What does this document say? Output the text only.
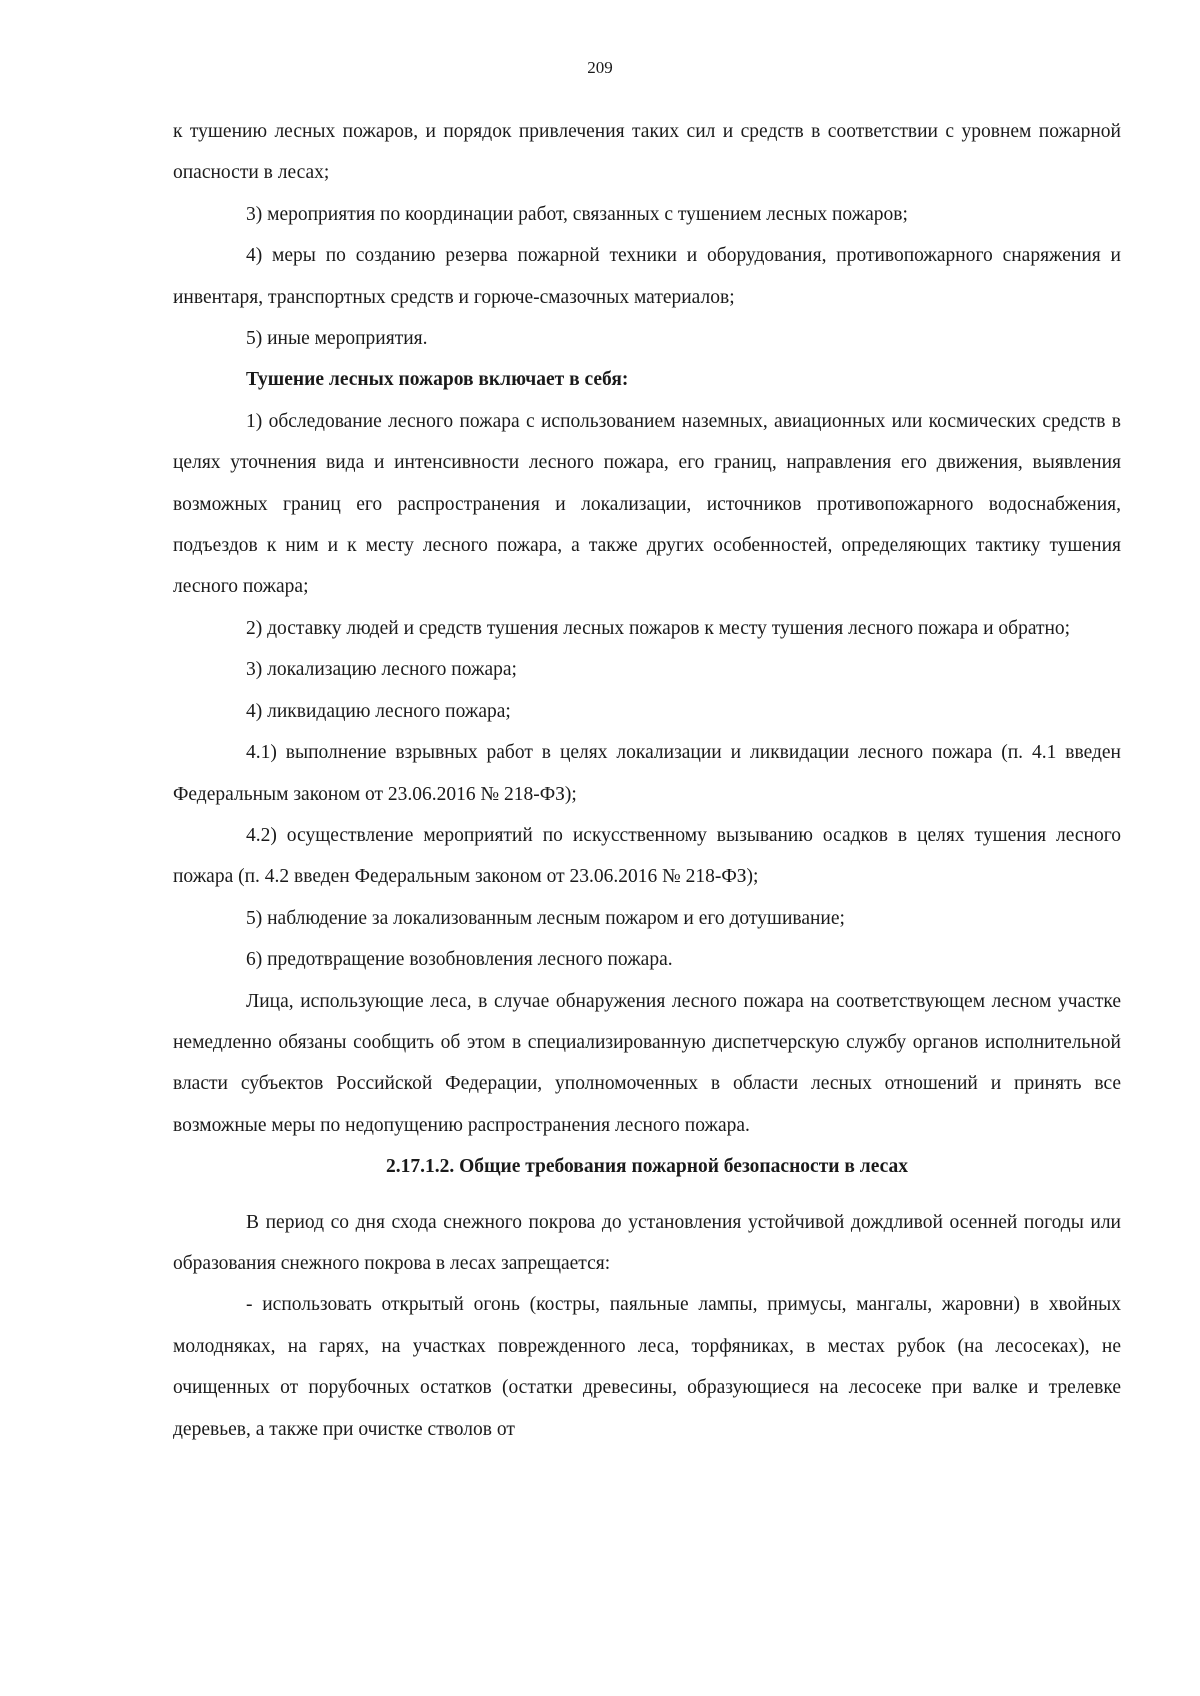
209

к тушению лесных пожаров, и порядок привлечения таких сил и средств в соответствии с уровнем пожарной опасности в лесах;

3) мероприятия по координации работ, связанных с тушением лесных пожаров;

4) меры по созданию резерва пожарной техники и оборудования, противопожарного снаряжения и инвентаря, транспортных средств и горюче-смазочных материалов;

5) иные мероприятия.

Тушение лесных пожаров включает в себя:

1) обследование лесного пожара с использованием наземных, авиационных или космических средств в целях уточнения вида и интенсивности лесного пожара, его границ, направления его движения, выявления возможных границ его распространения и локализации, источников противопожарного водоснабжения, подъездов к ним и к месту лесного пожара, а также других особенностей, определяющих тактику тушения лесного пожара;

2) доставку людей и средств тушения лесных пожаров к месту тушения лесного пожара и обратно;

3) локализацию лесного пожара;

4) ликвидацию лесного пожара;

4.1) выполнение взрывных работ в целях локализации и ликвидации лесного пожара (п. 4.1 введен Федеральным законом от 23.06.2016 № 218-ФЗ);

4.2) осуществление мероприятий по искусственному вызыванию осадков в целях тушения лесного пожара (п. 4.2 введен Федеральным законом от 23.06.2016 № 218-ФЗ);

5) наблюдение за локализованным лесным пожаром и его дотушивание;

6) предотвращение возобновления лесного пожара.

Лица, использующие леса, в случае обнаружения лесного пожара на соответствующем лесном участке немедленно обязаны сообщить об этом в специализированную диспетчерскую службу органов исполнительной власти субъектов Российской Федерации, уполномоченных в области лесных отношений и принять все возможные меры по недопущению распространения лесного пожара.

2.17.1.2. Общие требования пожарной безопасности в лесах

В период со дня схода снежного покрова до установления устойчивой дождливой осенней погоды или образования снежного покрова в лесах запрещается:

- использовать открытый огонь (костры, паяльные лампы, примусы, мангалы, жаровни) в хвойных молодняках, на гарях, на участках поврежденного леса, торфяниках, в местах рубок (на лесосеках), не очищенных от порубочных остатков (остатки древесины, образующиеся на лесосеке при валке и трелевке деревьев, а также при очистке стволов от
